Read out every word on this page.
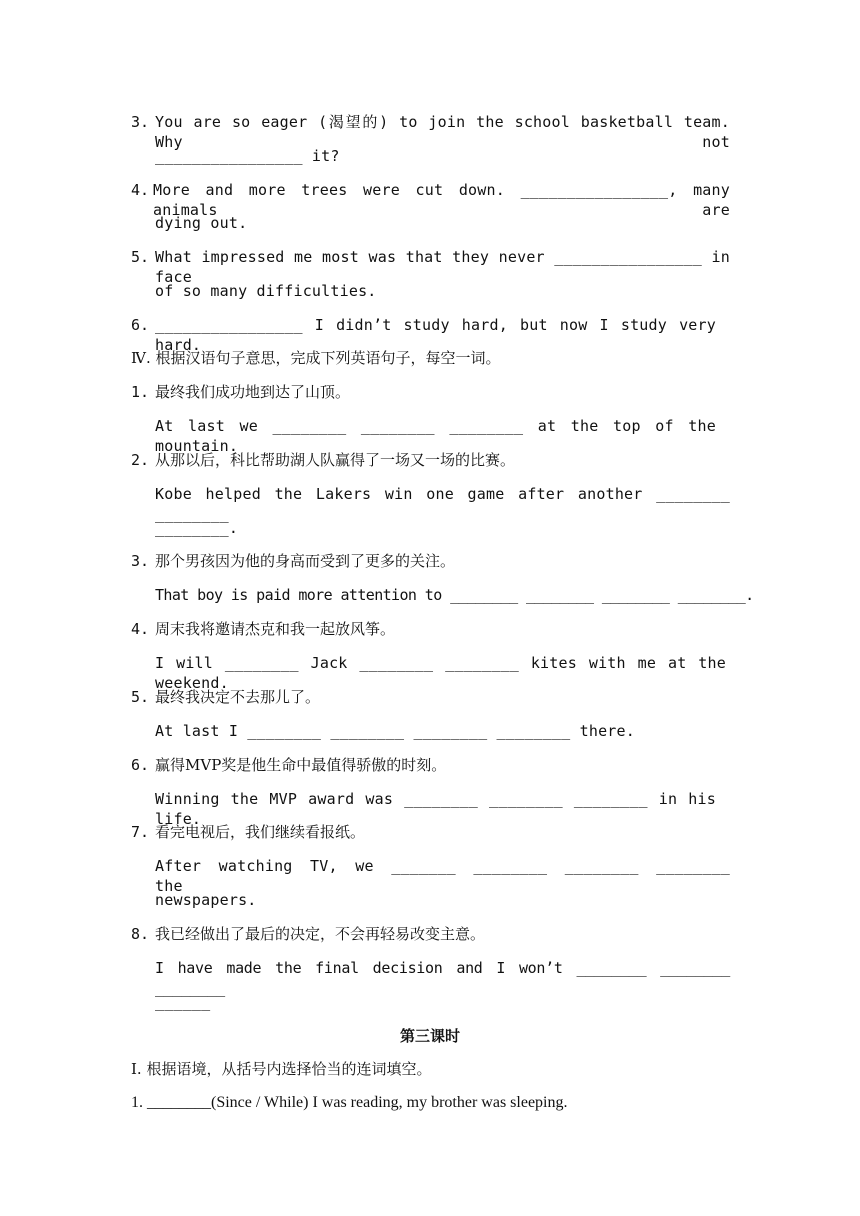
3. You are so eager (渴望的) to join the school basketball team. Why not
________________ it?
4. More and more trees were cut down. ________________, many animals are
dying out.
5. What impressed me most was that they never ________________ in face
of so many difficulties.
6. ________________ I didn’t study hard, but now I study very hard.
Ⅳ. 根据汉语句子意思，完成下列英语句子，每空一词。
1. 最终我们成功地到达了山顶。
At last we ________ ________ ________ at the top of the mountain.
2. 从那以后，科比帮助湖人队赢得了一场又一场的比赛。
Kobe helped the Lakers win one game after another ________ ________
________.
3. 那个男孩因为他的身高而受到了更多的关注。
That boy is paid more attention to ________ ________ ________ ________.
4. 周末我将邀请杰克和我一起放风筝。
I will ________ Jack ________ ________ kites with me at the weekend.
5. 最终我决定不去那儿了。
At last I ________ ________ ________ ________ there.
6. 赢得MVP奖是他生命中最值得骄傲的时刻。
Winning the MVP award was ________ ________ ________ in his life.
7. 看完电视后，我们继续看报纸。
After watching TV, we _______ ________ ________ ________ the
newspapers.
8. 我已经做出了最后的决定，不会再轻易改变主意。
I have made the final decision and I won’t ________ ________ ________
______
第三课时
Ⅰ. 根据语境，从括号内选择恰当的连词填空。
1. ________(Since / While) I was reading, my brother was sleeping.
